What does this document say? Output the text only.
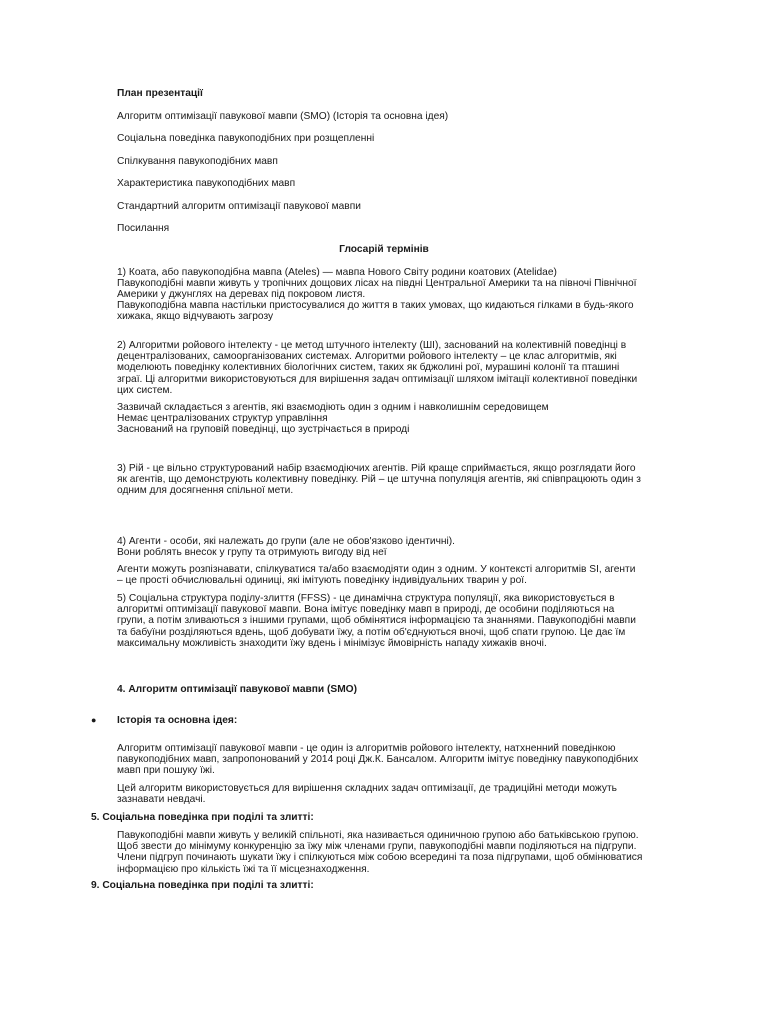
План презентації
Алгоритм оптимізації павукової мавпи (SMO) (Історія та основна ідея)
Соціальна поведінка павукоподібних при розщепленні
Спілкування павукоподібних мавп
Характеристика павукоподібних мавп
Стандартний алгоритм оптимізації павукової мавпи
Посилання
Глосарій термінів
1) Коата, або павукоподібна мавпа (Ateles) — мавпа Нового Світу родини коатових (Atelidae)
Павукоподібні мавпи живуть у тропічних дощових лісах на півдні Центральної Америки та на півночі Північної
Америки у джунглях на деревах під покровом листя.
Павукоподібна мавпа настільки пристосувалися до життя в таких умовах, що кидаються гілками в будь-якого
хижака, якщо відчувають загрозу
2) Алгоритми ройового інтелекту - це метод штучного інтелекту (ШІ), заснований на колективній поведінці в
децентралізованих, самоорганізованих системах. Алгоритми ройового інтелекту – це клас алгоритмів, які
моделюють поведінку колективних біологічних систем, таких як бджолині рої, мурашині колонії та пташині
зграї. Ці алгоритми використовуються для вирішення задач оптимізації шляхом імітації колективної поведінки
цих систем.
Зазвичай складається з агентів, які взаємодіють один з одним і навколишнім середовищем
Немає централізованих структур управління
Заснований на груповій поведінці, що зустрічається в природі
3) Рій - це вільно структурований набір взаємодіючих агентів. Рій краще сприймається, якщо розглядати його
як агентів, що демонструють колективну поведінку. Рій – це штучна популяція агентів, які співпрацюють один з
одним для досягнення спільної мети.
4) Агенти - особи, які належать до групи (але не обов'язково ідентичні).
Вони роблять внесок у групу та отримують вигоду від неї
Агенти можуть розпізнавати, спілкуватися та/або взаємодіяти один з одним. У контексті алгоритмів SI, агенти
– це прості обчислювальні одиниці, які імітують поведінку індивідуальних тварин у рої.
5) Соціальна структура поділу-злиття (FFSS) - це динамічна структура популяції, яка використовується в
алгоритмі оптимізації павукової мавпи. Вона імітує поведінку мавп в природі, де особини поділяються на
групи, а потім зливаються з іншими групами, щоб обмінятися інформацією та знаннями. Павукоподібні мавпи
та бабуїни розділяються вдень, щоб добувати їжу, а потім об'єднуються вночі, щоб спати групою. Це дає їм
максимальну можливість знаходити їжу вдень і мінімізує ймовірність нападу хижаків вночі.
4. Алгоритм оптимізації павукової мавпи (SMO)
● Історія та основна ідея:
Алгоритм оптимізації павукової мавпи - це один із алгоритмів ройового інтелекту, натхненний поведінкою
павукоподібних мавп, запропонований у 2014 році Дж.К. Бансалом. Алгоритм імітує поведінку павукоподібних
мавп при пошуку їжі.
Цей алгоритм використовується для вирішення складних задач оптимізації, де традиційні методи можуть
зазнавати невдачі.
5. Соціальна поведінка при поділі та злитті:
Павукоподібні мавпи живуть у великій спільноті, яка називається одиничною групою або батьківською групою.
Щоб звести до мінімуму конкуренцію за їжу між членами групи, павукоподібні мавпи поділяються на підгрупи.
Члени підгруп починають шукати їжу і спілкуються між собою всередині та поза підгрупами, щоб обмінюватися
інформацією про кількість їжі та її місцезнаходження.
9. Соціальна поведінка при поділі та злитті:
